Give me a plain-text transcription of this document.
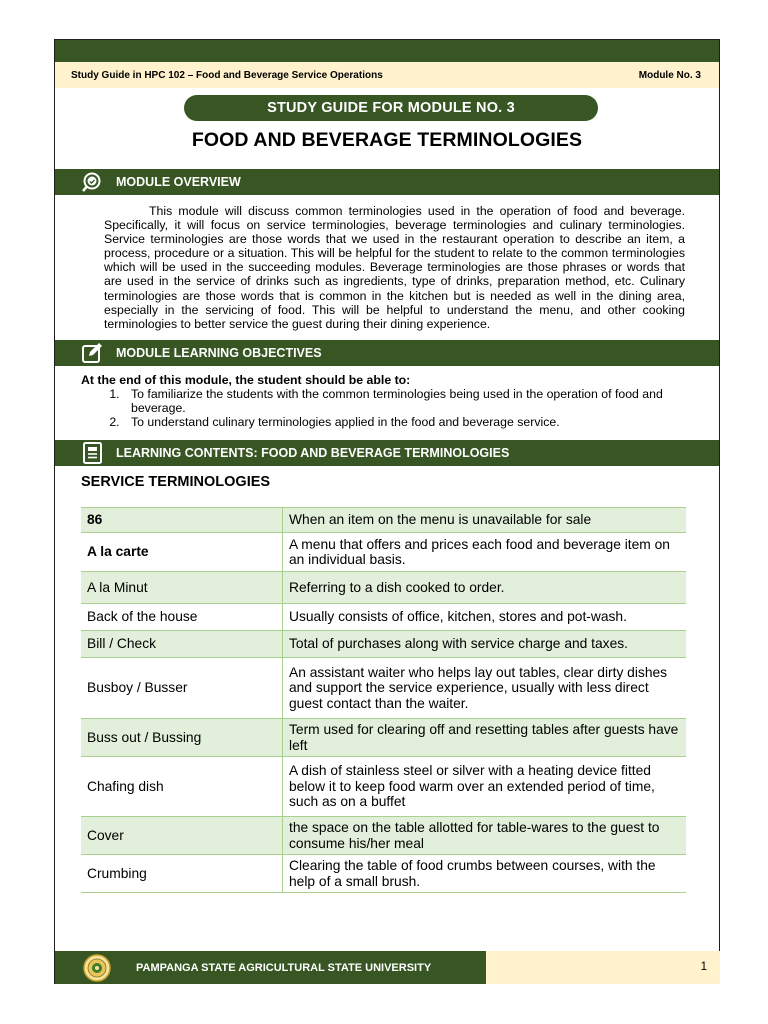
Study Guide in HPC 102 – Food and Beverage Service Operations	Module No. 3
STUDY GUIDE FOR MODULE NO. 3
FOOD AND BEVERAGE TERMINOLOGIES
MODULE OVERVIEW
This module will discuss common terminologies used in the operation of food and beverage. Specifically, it will focus on service terminologies, beverage terminologies and culinary terminologies. Service terminologies are those words that we used in the restaurant operation to describe an item, a process, procedure or a situation. This will be helpful for the student to relate to the common terminologies which will be used in the succeeding modules. Beverage terminologies are those phrases or words that are used in the service of drinks such as ingredients, type of drinks, preparation method, etc. Culinary terminologies are those words that is common in the kitchen but is needed as well in the dining area, especially in the servicing of food. This will be helpful to understand the menu, and other cooking terminologies to better service the guest during their dining experience.
MODULE LEARNING OBJECTIVES
At the end of this module, the student should be able to:
1. To familiarize the students with the common terminologies being used in the operation of food and beverage.
2. To understand culinary terminologies applied in the food and beverage service.
LEARNING CONTENTS: FOOD AND BEVERAGE TERMINOLOGIES
SERVICE TERMINOLOGIES
86	When an item on the menu is unavailable for sale
A la carte	A menu that offers and prices each food and beverage item on an individual basis.
A la Minut	Referring to a dish cooked to order.
Back of the house	Usually consists of office, kitchen, stores and pot-wash.
Bill / Check	Total of purchases along with service charge and taxes.
Busboy / Busser	An assistant waiter who helps lay out tables, clear dirty dishes and support the service experience, usually with less direct guest contact than the waiter.
Buss out / Bussing	Term used for clearing off and resetting tables after guests have left
Chafing dish	A dish of stainless steel or silver with a heating device fitted below it to keep food warm over an extended period of time, such as on a buffet
Cover	the space on the table allotted for table-wares to the guest to consume his/her meal
Crumbing	Clearing the table of food crumbs between courses, with the help of a small brush.
PAMPANGA STATE AGRICULTURAL STATE UNIVERSITY	1
